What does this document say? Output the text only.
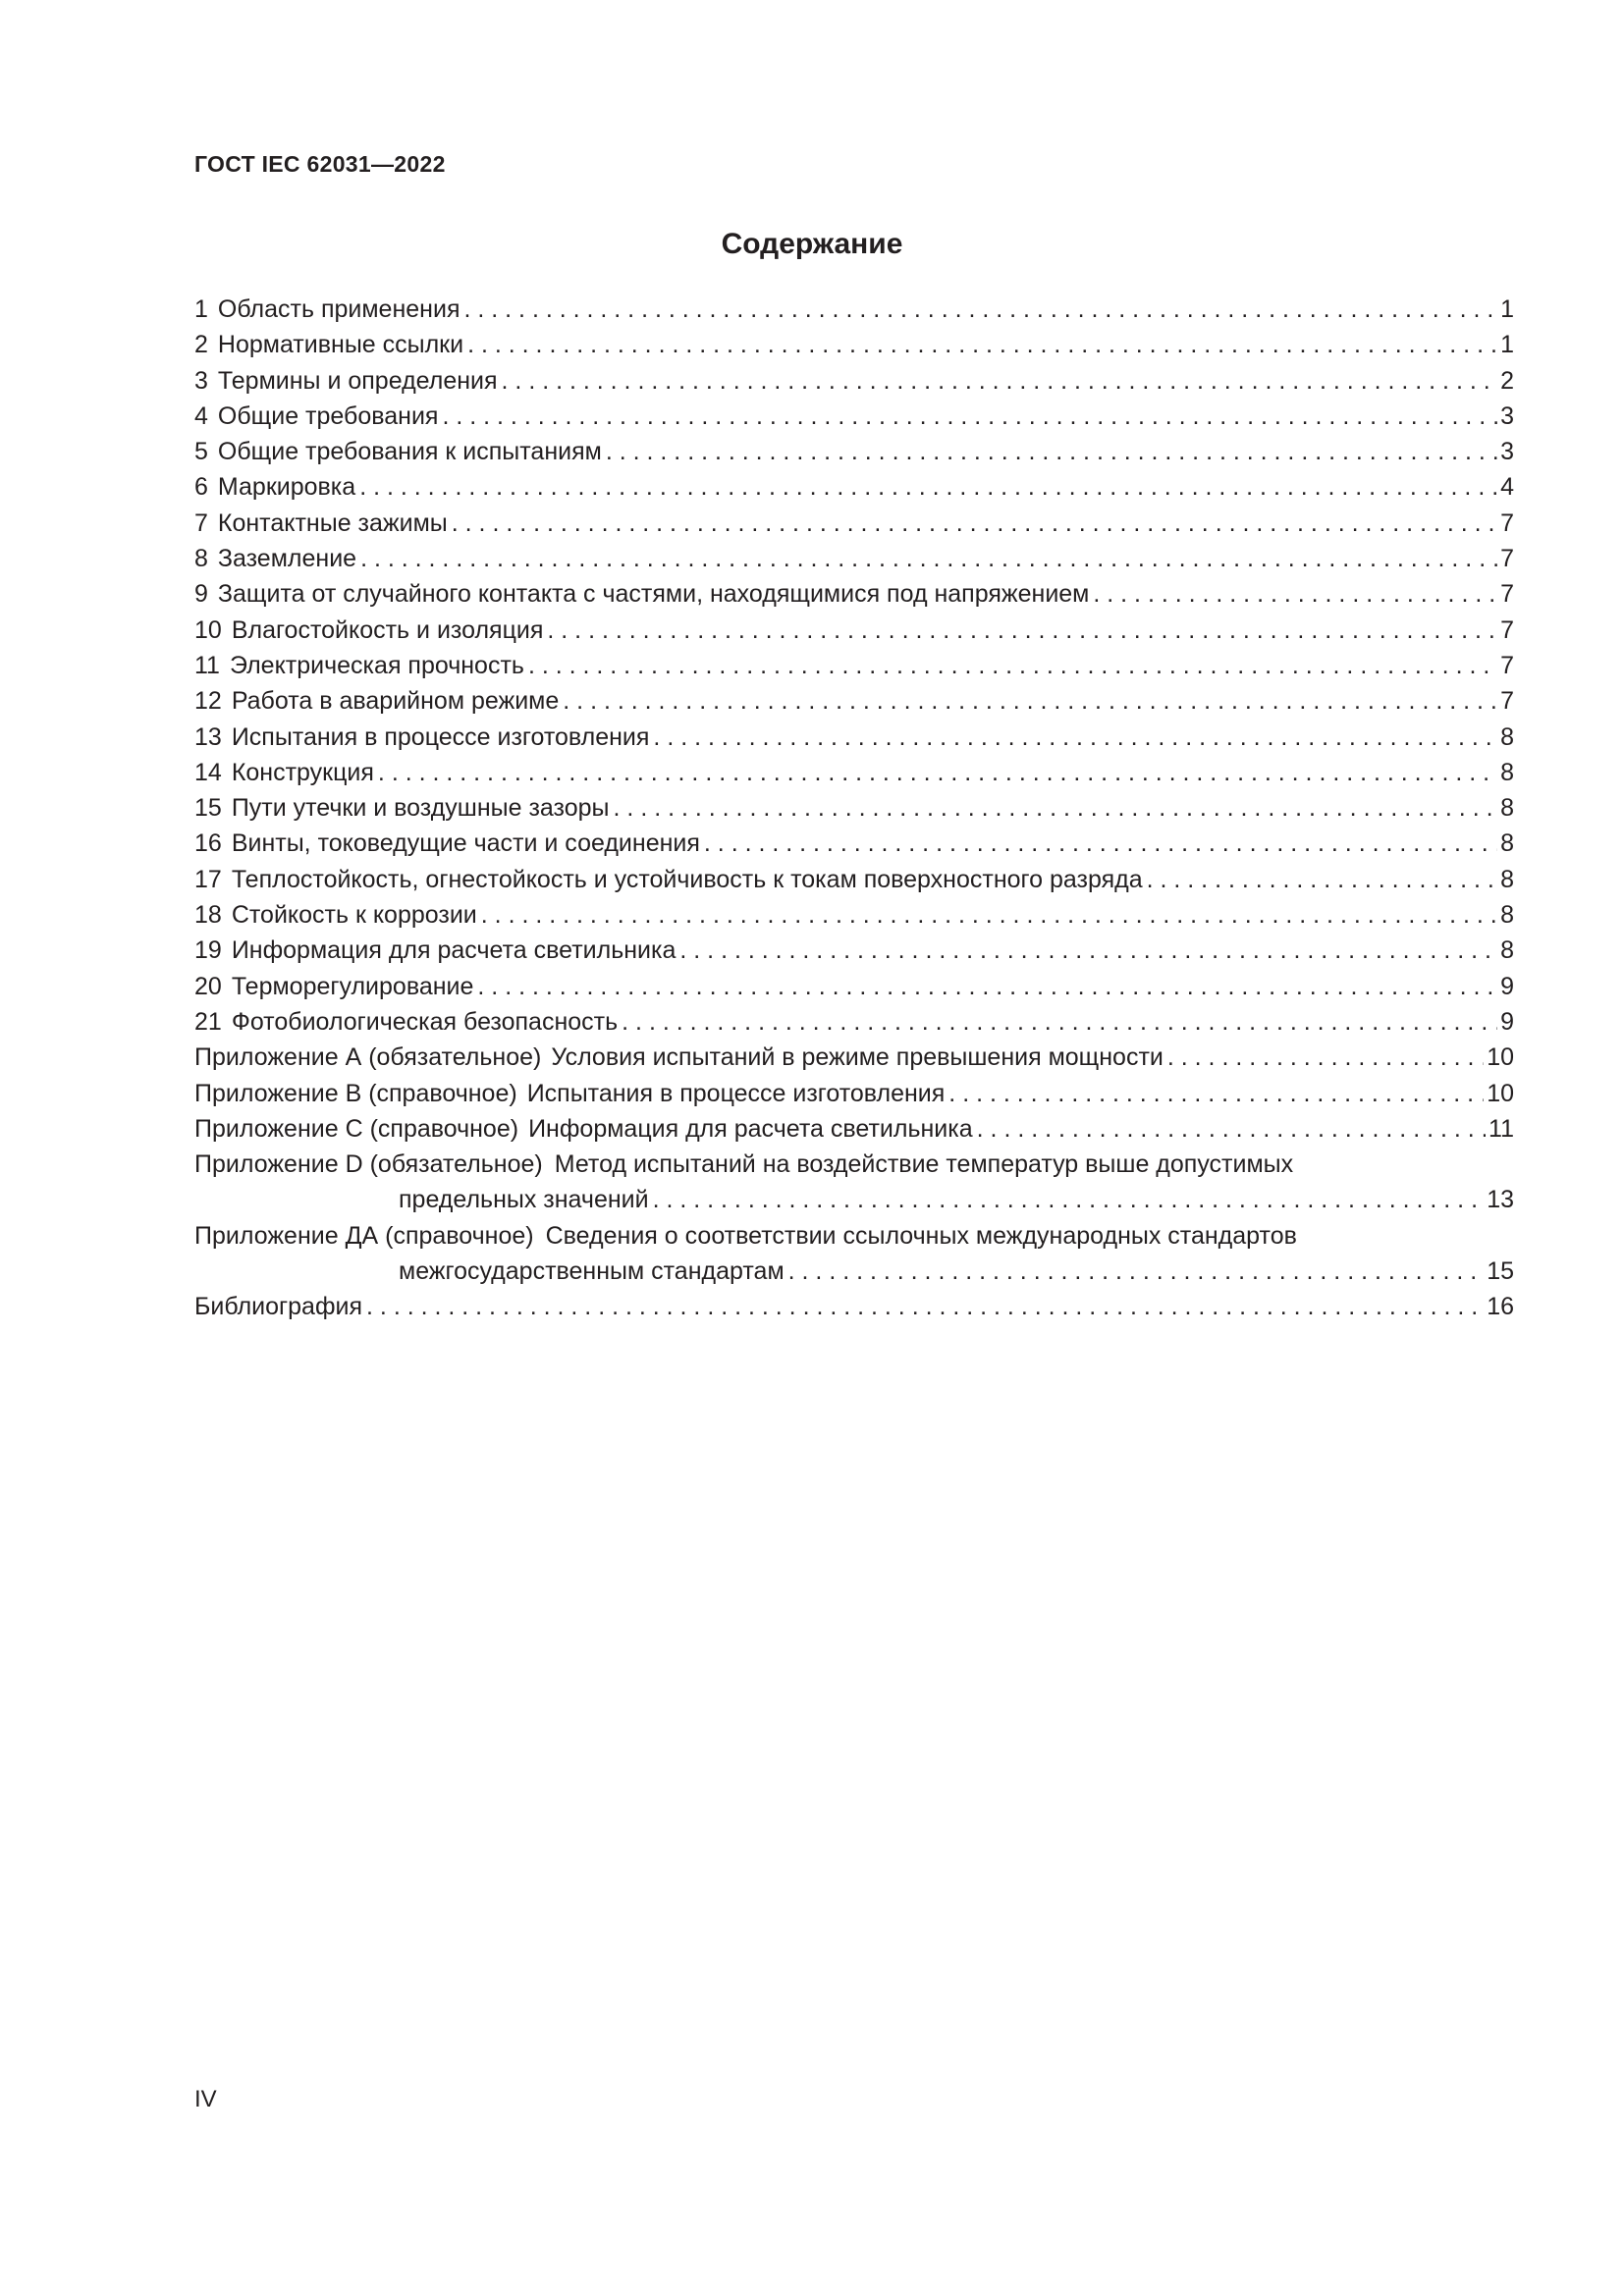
ГОСТ IEC 62031—2022
Содержание
1 Область применения . . .	1
2 Нормативные ссылки . . .	1
3 Термины и определения . . .	2
4 Общие требования . . .	3
5 Общие требования к испытаниям . . .	3
6 Маркировка . . .	4
7 Контактные зажимы . . .	7
8 Заземление . . .	7
9 Защита от случайного контакта с частями, находящимися под напряжением . . .	7
10 Влагостойкость и изоляция . . .	7
11 Электрическая прочность . . .	7
12 Работа в аварийном режиме . . .	7
13 Испытания в процессе изготовления . . .	8
14 Конструкция . . .	8
15 Пути утечки и воздушные зазоры . . .	8
16 Винты, токоведущие части и соединения . . .	8
17 Теплостойкость, огнестойкость и устойчивость к токам поверхностного разряда . . .	8
18 Стойкость к коррозии . . .	8
19 Информация для расчета светильника . . .	8
20 Терморегулирование . . .	9
21 Фотобиологическая безопасность . . .	9
Приложение А (обязательное) Условия испытаний в режиме превышения мощности . . .	10
Приложение В (справочное) Испытания в процессе изготовления . . .	10
Приложение С (справочное) Информация для расчета светильника . . .	11
Приложение D (обязательное) Метод испытаний на воздействие температур выше допустимых
предельных значений . . .	13
Приложение ДА (справочное) Сведения о соответствии ссылочных международных стандартов
межгосударственным стандартам . . .	15
Библиография . . .	16
IV
